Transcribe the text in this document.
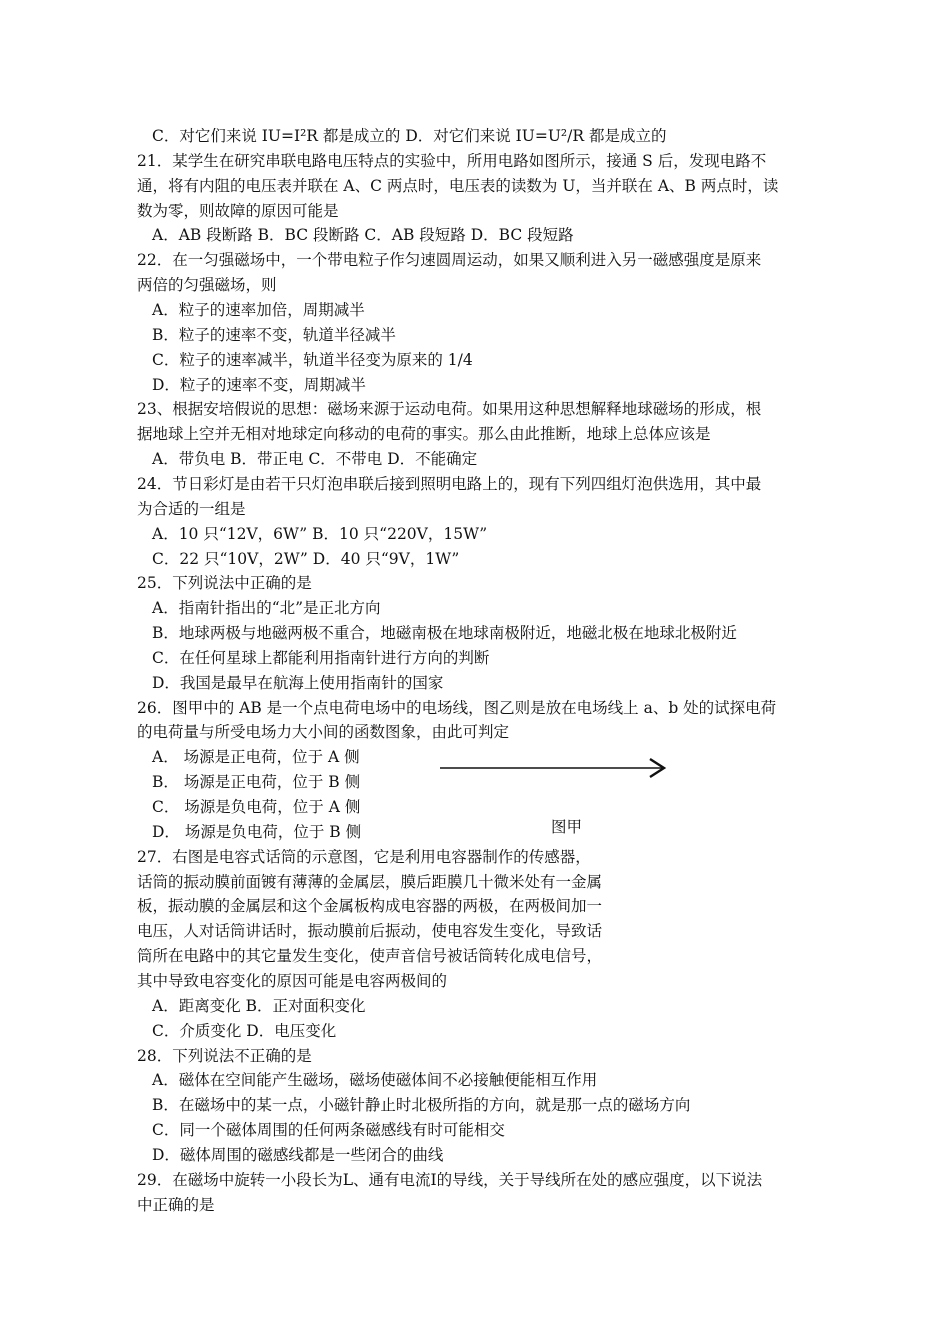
C．对它们来说 IU=I²R 都是成立的 D．对它们来说 IU=U²/R 都是成立的
21．某学生在研究串联电路电压特点的实验中，所用电路如图所示，接通 S 后，发现电路不
通，将有内阻的电压表并联在 A、C 两点时，电压表的读数为 U，当并联在 A、B 两点时，读
数为零，则故障的原因可能是
A．AB 段断路 B．BC 段断路 C．AB 段短路 D．BC 段短路
22．在一匀强磁场中，一个带电粒子作匀速圆周运动，如果又顺利进入另一磁感强度是原来
两倍的匀强磁场，则
A．粒子的速率加倍，周期减半
B．粒子的速率不变，轨道半径减半
C．粒子的速率减半，轨道半径变为原来的 1/4
D．粒子的速率不变，周期减半
23、根据安培假说的思想：磁场来源于运动电荷。如果用这种思想解释地球磁场的形成，根
据地球上空并无相对地球定向移动的电荷的事实。那么由此推断，地球上总体应该是
A．带负电 B．带正电 C．不带电 D．不能确定
24．节日彩灯是由若干只灯泡串联后接到照明电路上的，现有下列四组灯泡供选用，其中最
为合适的一组是
A．10 只“12V，6W” B．10 只“220V，15W”
C．22 只“10V，2W” D．40 只“9V，1W”
25．下列说法中正确的是
A．指南针指出的“北”是正北方向
B．地球两极与地磁两极不重合，地磁南极在地球南极附近，地磁北极在地球北极附近
C．在任何星球上都能利用指南针进行方向的判断
D．我国是最早在航海上使用指南针的国家
26．图甲中的 AB 是一个点电荷电场中的电场线，图乙则是放在电场线上 a、b 处的试探电荷
的电荷量与所受电场力大小间的函数图象，由此可判定
A． 场源是正电荷，位于 A 侧
B． 场源是正电荷，位于 B 侧
C． 场源是负电荷，位于 A 侧
D． 场源是负电荷，位于 B 侧
27．右图是电容式话筒的示意图，它是利用电容器制作的传感器，
话筒的振动膜前面镀有薄薄的金属层，膜后距膜几十微米处有一金属
板，振动膜的金属层和这个金属板构成电容器的两极，在两极间加一
电压，人对话筒讲话时，振动膜前后振动，使电容发生变化，导致话
筒所在电路中的其它量发生变化，使声音信号被话筒转化成电信号，
其中导致电容变化的原因可能是电容两极间的
A．距离变化 B．正对面积变化
C．介质变化 D．电压变化
28．下列说法不正确的是
A．磁体在空间能产生磁场，磁场使磁体间不必接触便能相互作用
B．在磁场中的某一点，小磁针静止时北极所指的方向，就是那一点的磁场方向
C．同一个磁体周围的任何两条磁感线有时可能相交
D．磁体周围的磁感线都是一些闭合的曲线
29．在磁场中旋转一小段长为L、通有电流I的导线，关于导线所在处的感应强度，以下说法
中正确的是
图甲
